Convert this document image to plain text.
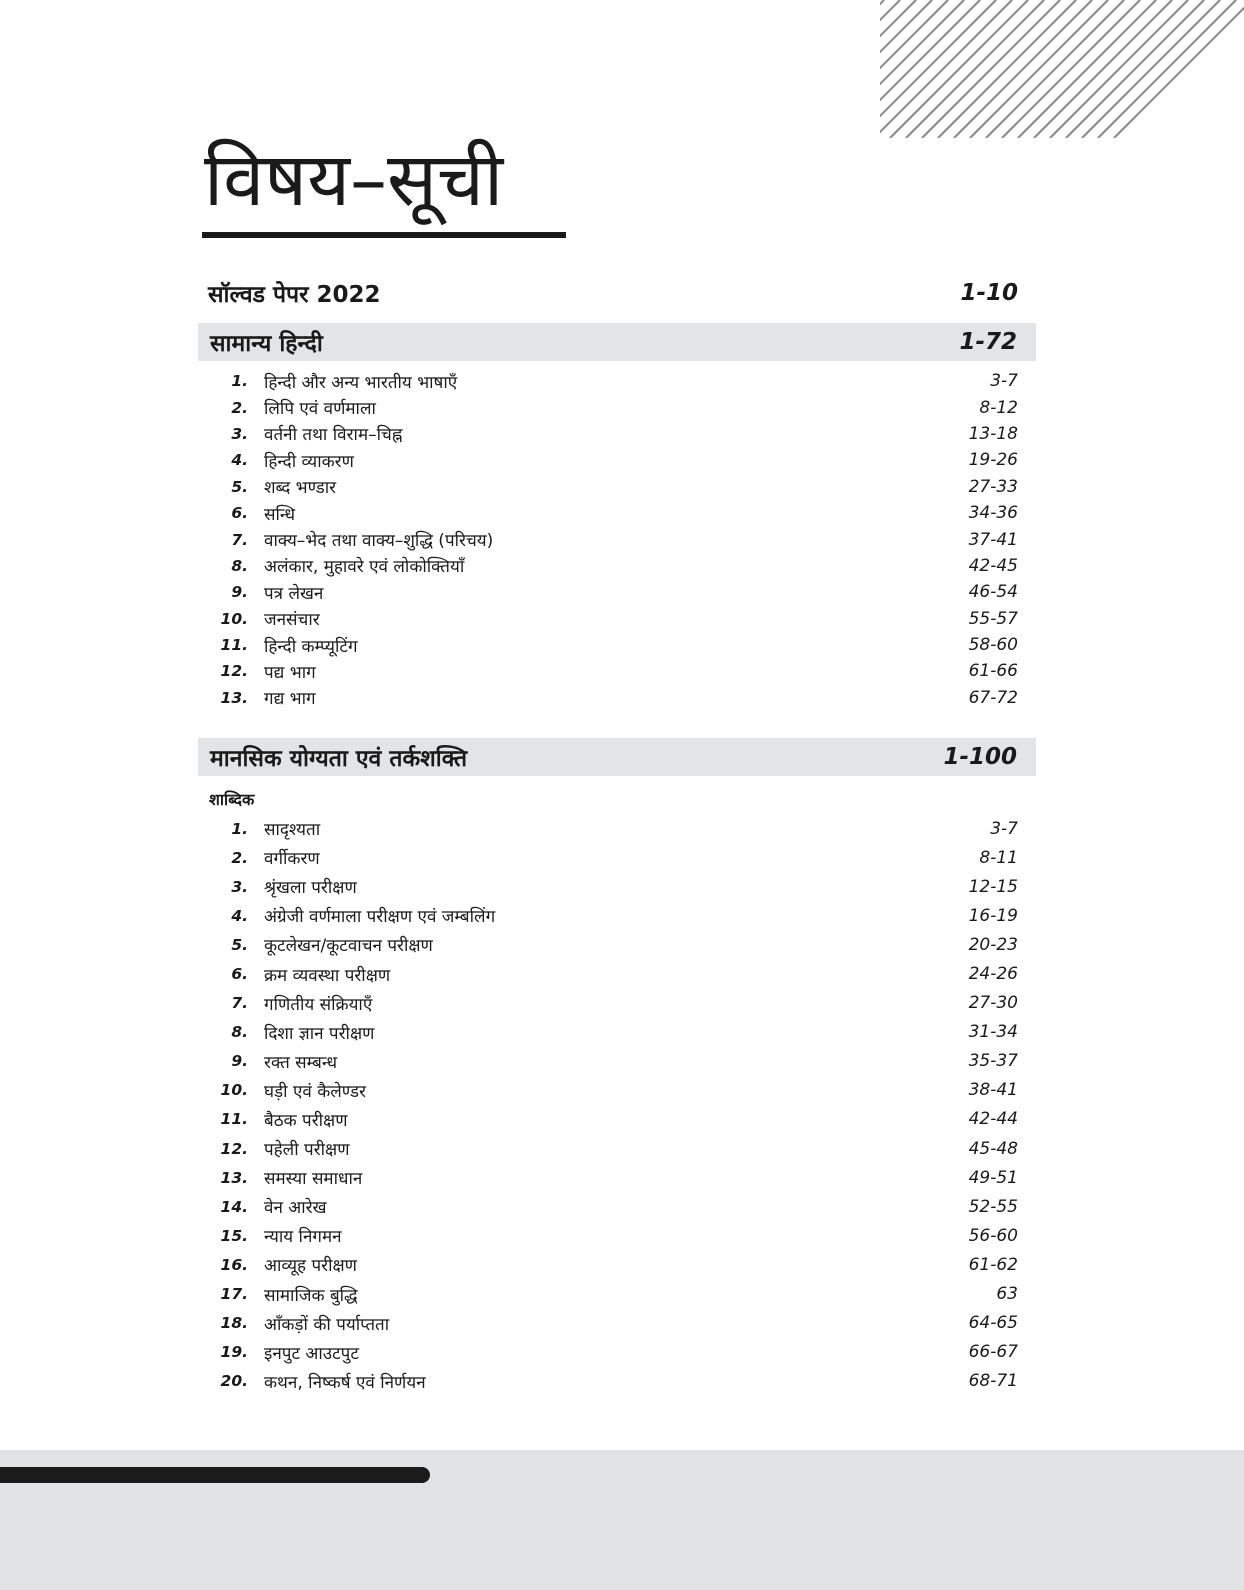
विषय–सूची
सॉल्वड पेपर 2022	1-10
सामान्य हिन्दी	1-72
1. हिन्दी और अन्य भारतीय भाषाएँ	3-7
2. लिपि एवं वर्णमाला	8-12
3. वर्तनी तथा विराम–चिह्न	13-18
4. हिन्दी व्याकरण	19-26
5. शब्द भण्डार	27-33
6. सन्धि	34-36
7. वाक्य–भेद तथा वाक्य–शुद्धि (परिचय)	37-41
8. अलंकार, मुहावरे एवं लोकोक्तियाँ	42-45
9. पत्र लेखन	46-54
10. जनसंचार	55-57
11. हिन्दी कम्प्यूटिंग	58-60
12. पद्य भाग	61-66
13. गद्य भाग	67-72
मानसिक योग्यता एवं तर्कशक्ति	1-100
शाब्दिक
1. सादृश्यता	3-7
2. वर्गीकरण	8-11
3. श्रृंखला परीक्षण	12-15
4. अंग्रेजी वर्णमाला परीक्षण एवं जम्बलिंग	16-19
5. कूटलेखन/कूटवाचन परीक्षण	20-23
6. क्रम व्यवस्था परीक्षण	24-26
7. गणितीय संक्रियाएँ	27-30
8. दिशा ज्ञान परीक्षण	31-34
9. रक्त सम्बन्ध	35-37
10. घड़ी एवं कैलेण्डर	38-41
11. बैठक परीक्षण	42-44
12. पहेली परीक्षण	45-48
13. समस्या समाधान	49-51
14. वेन आरेख	52-55
15. न्याय निगमन	56-60
16. आव्यूह परीक्षण	61-62
17. सामाजिक बुद्धि	63
18. आँकड़ों की पर्याप्तता	64-65
19. इनपुट आउटपुट	66-67
20. कथन, निष्कर्ष एवं निर्णयन	68-71
